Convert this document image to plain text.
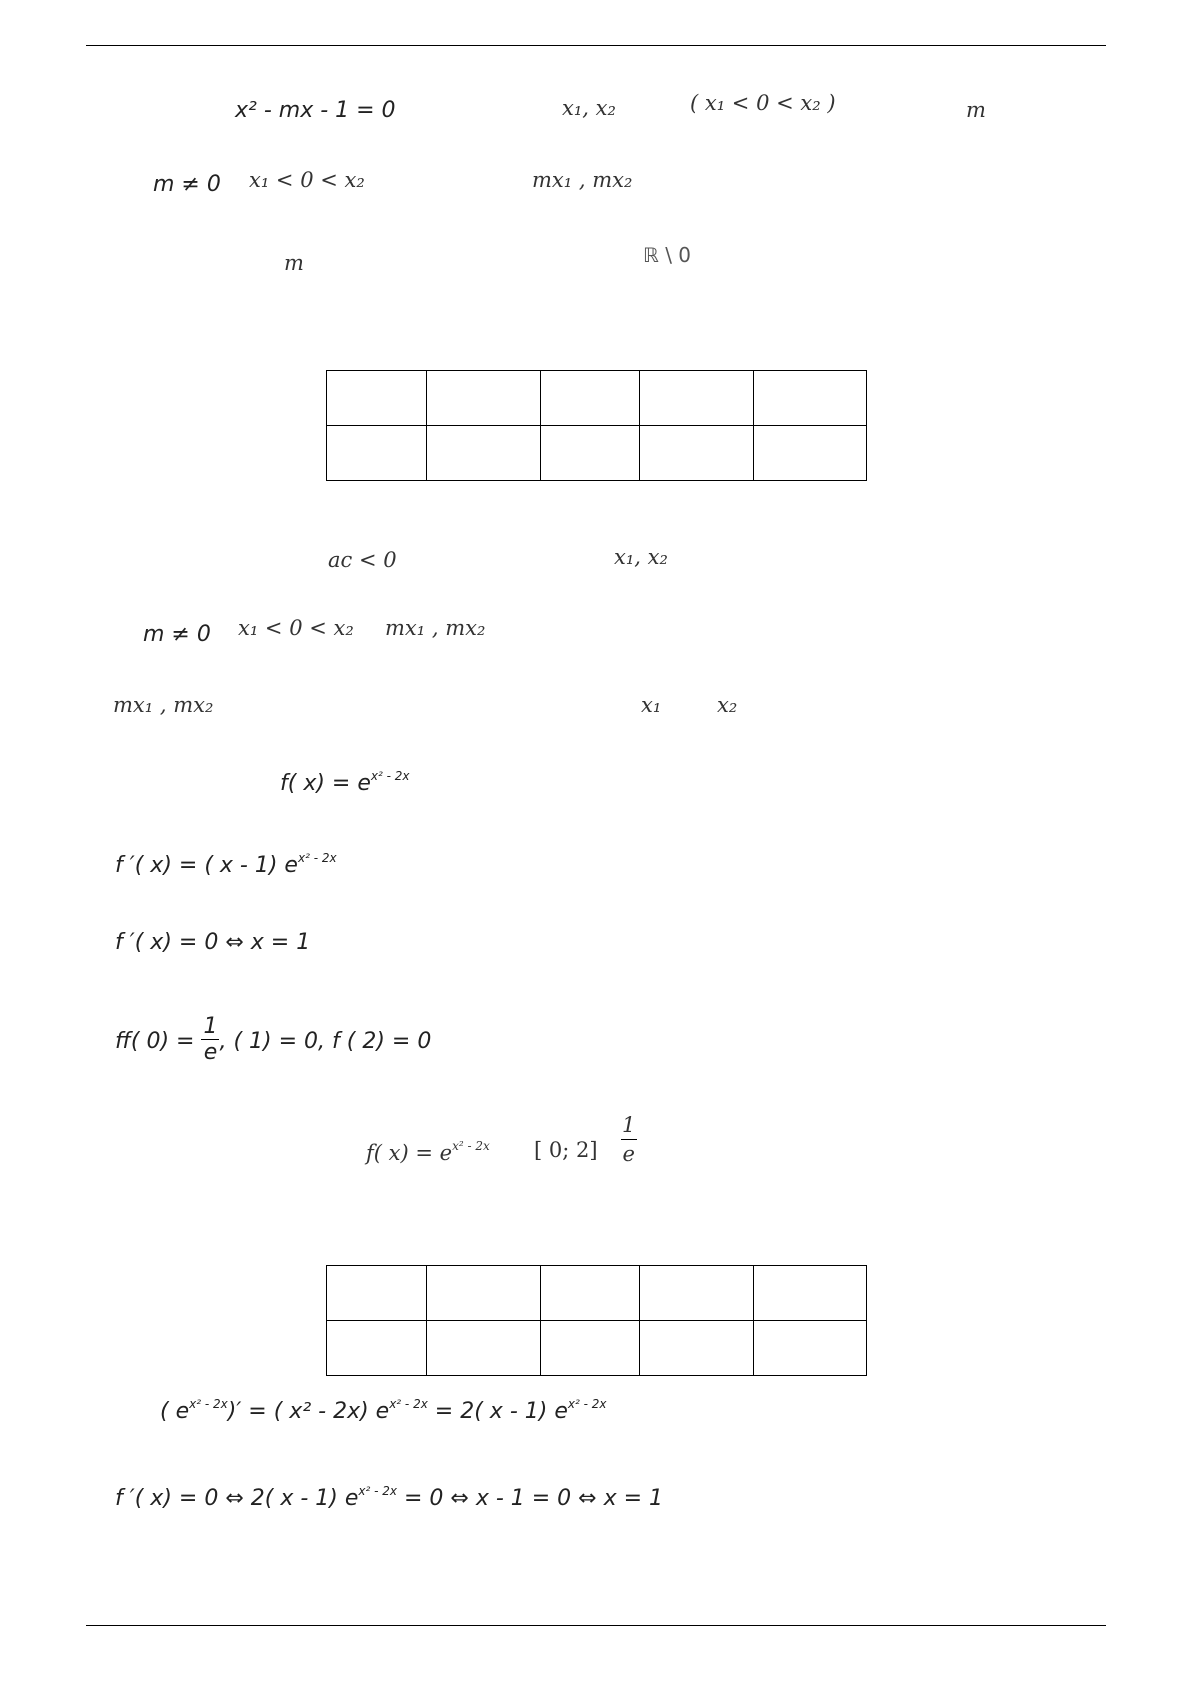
x² - mx - 1 = 0	x₁, x₂	( x₁ < 0 < x₂ )	m
m ≠ 0 x₁ < 0 < x₂	mx₁ , mx₂
m	ℝ \ 0

ac < 0	x₁, x₂
m ≠ 0 x₁ < 0 < x₂ mx₁ , mx₂
mx₁ , mx₂	x₁	x₂
f( $x) = e^{x^2 - 2x}$
f ′( x) = ( x - 1) $e^{x^2 - 2x}$
f ′( x) = 0 ⇔ x = 1
ff( $0) = \frac{1}{e}$ , ( 1) = 0, f ( 2) = 0
f( $x) = e^{x^2 - 2x}$ [ 0; $2] \frac{1}{e}$

( $e^{x^2 - 2x})'$ = ( x² - 2x) $e^{x^2 - 2x} = 2$( x - 1) $e^{x^2 - 2x}$
f ′( x) = 0 ⇔ 2( x - 1) $e^{x^2 - 2x} = 0$ ⇔ x - 1 = 0 ⇔ x = 1
